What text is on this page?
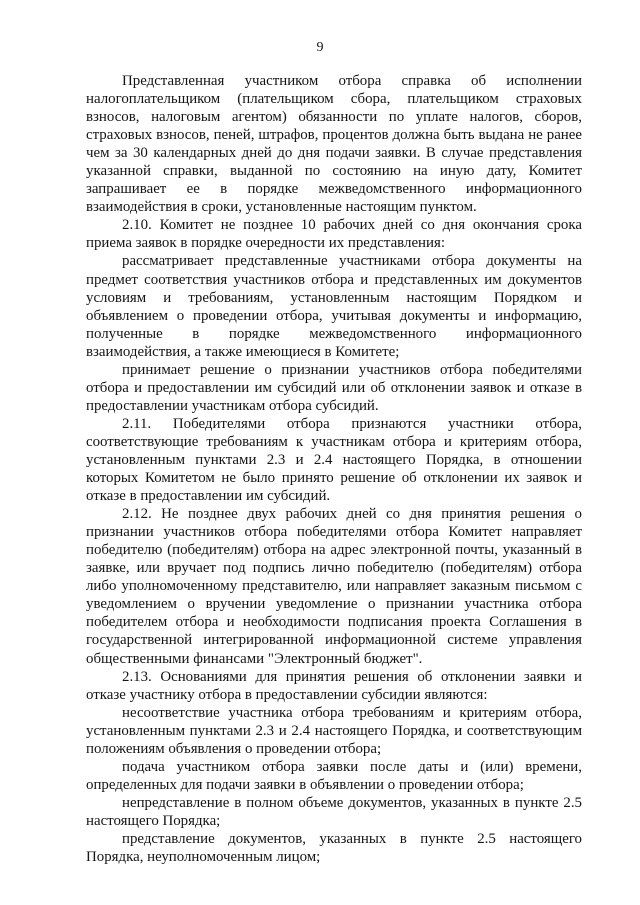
9

Представленная участником отбора справка об исполнении налогоплательщиком (плательщиком сбора, плательщиком страховых взносов, налоговым агентом) обязанности по уплате налогов, сборов, страховых взносов, пеней, штрафов, процентов должна быть выдана не ранее чем за 30 календарных дней до дня подачи заявки. В случае представления указанной справки, выданной по состоянию на иную дату, Комитет запрашивает ее в порядке межведомственного информационного взаимодействия в сроки, установленные настоящим пунктом.

2.10. Комитет не позднее 10 рабочих дней со дня окончания срока приема заявок в порядке очередности их представления:

рассматривает представленные участниками отбора документы на предмет соответствия участников отбора и представленных им документов условиям и требованиям, установленным настоящим Порядком и объявлением о проведении отбора, учитывая документы и информацию, полученные в порядке межведомственного информационного взаимодействия, а также имеющиеся в Комитете;

принимает решение о признании участников отбора победителями отбора и предоставлении им субсидий или об отклонении заявок и отказе в предоставлении участникам отбора субсидий.

2.11. Победителями отбора признаются участники отбора, соответствующие требованиям к участникам отбора и критериям отбора, установленным пунктами 2.3 и 2.4 настоящего Порядка, в отношении которых Комитетом не было принято решение об отклонении их заявок и отказе в предоставлении им субсидий.

2.12. Не позднее двух рабочих дней со дня принятия решения о признании участников отбора победителями отбора Комитет направляет победителю (победителям) отбора на адрес электронной почты, указанный в заявке, или вручает под подпись лично победителю (победителям) отбора либо уполномоченному представителю, или направляет заказным письмом с уведомлением о вручении уведомление о признании участника отбора победителем отбора и необходимости подписания проекта Соглашения в государственной интегрированной информационной системе управления общественными финансами "Электронный бюджет".

2.13. Основаниями для принятия решения об отклонении заявки и отказе участнику отбора в предоставлении субсидии являются:

несоответствие участника отбора требованиям и критериям отбора, установленным пунктами 2.3 и 2.4 настоящего Порядка, и соответствующим положениям объявления о проведении отбора;

подача участником отбора заявки после даты и (или) времени, определенных для подачи заявки в объявлении о проведении отбора;

непредставление в полном объеме документов, указанных в пункте 2.5 настоящего Порядка;

представление документов, указанных в пункте 2.5 настоящего Порядка, неуполномоченным лицом;
